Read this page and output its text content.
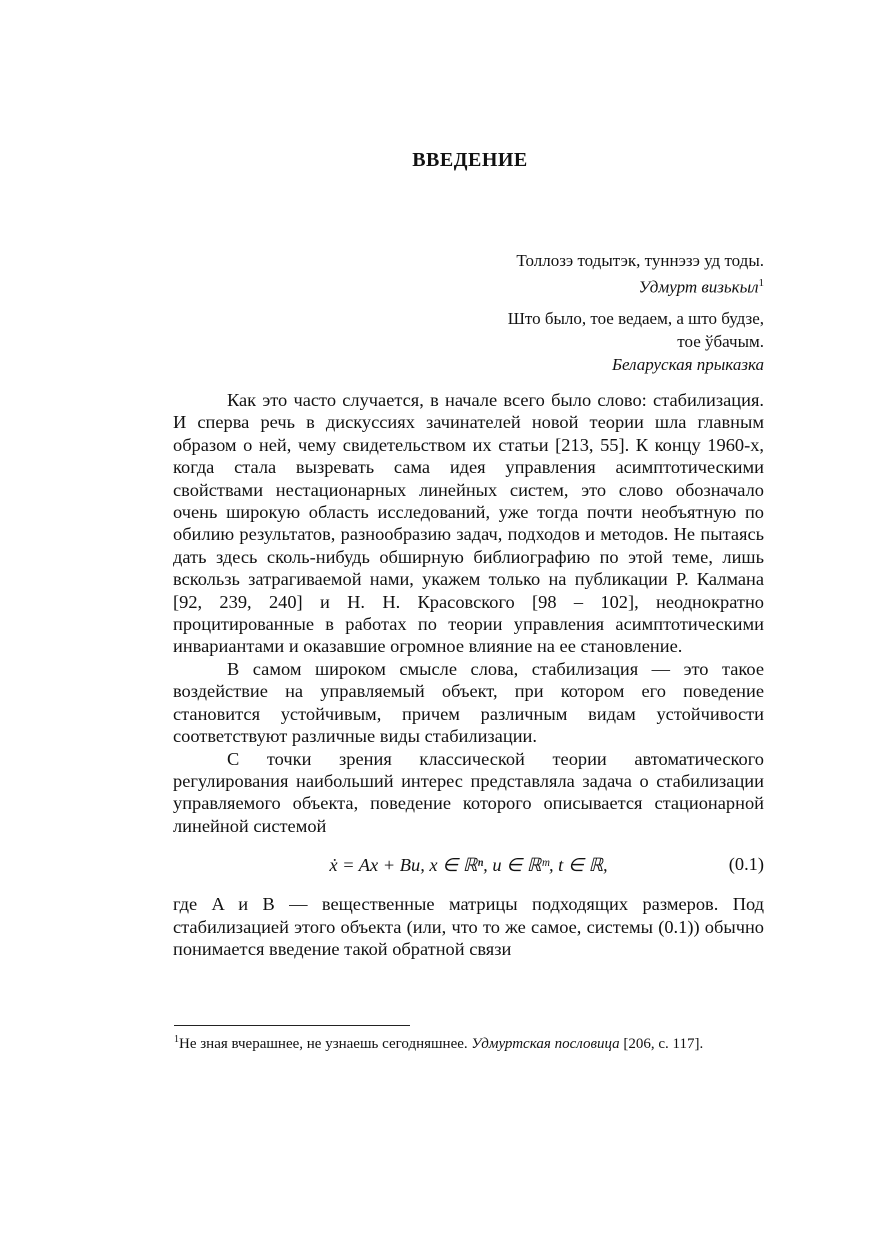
ВВЕДЕНИЕ
Толлозэ тодытэк, туннэзэ уд тоды.
Удмурт визькыл$^1$
Што было, тое ведаем, а што будзе,
тое ўбачым.
Беларуская прыказка

Как это часто случается, в начале всего было слово: стабилизация. И сперва речь в дискуссиях зачинателей новой теории шла главным образом о ней, чему свидетельством их статьи [213, 55]. К концу 1960-х, когда стала вызревать сама идея управления асимптотическими свойствами нестационарных линейных систем, это слово обозначало очень широкую область исследований, уже тогда почти необъятную по обилию результатов, разнообразию задач, подходов и методов. Не пытаясь дать здесь сколь-нибудь обширную библиографию по этой теме, лишь вскользь затрагиваемой нами, укажем только на публикации Р. Калмана [92, 239, 240] и Н. Н. Красовского [98 – 102], неоднократно процитированные в работах по теории управления асимптотическими инвариантами и оказавшие огромное влияние на ее становление.

В самом широком смысле слова, стабилизация — это такое воздействие на управляемый объект, при котором его поведение становится устойчивым, причем различным видам устойчивости соответствуют различные виды стабилизации.

С точки зрения классической теории автоматического регулирования наибольший интерес представляла задача о стабилизации управляемого объекта, поведение которого описывается стационарной линейной системой

ẋ = Ax + Bu, x ∈ ℝⁿ, u ∈ ℝᵐ, t ∈ ℝ,	(0.1)

где A и B — вещественные матрицы подходящих размеров. Под стабилизацией этого объекта (или, что то же самое, системы (0.1)) обычно понимается введение такой обратной связи

$^1$Не зная вчерашнее, не узнаешь сегодняшнее. Удмуртская пословица [206, с. 117].
